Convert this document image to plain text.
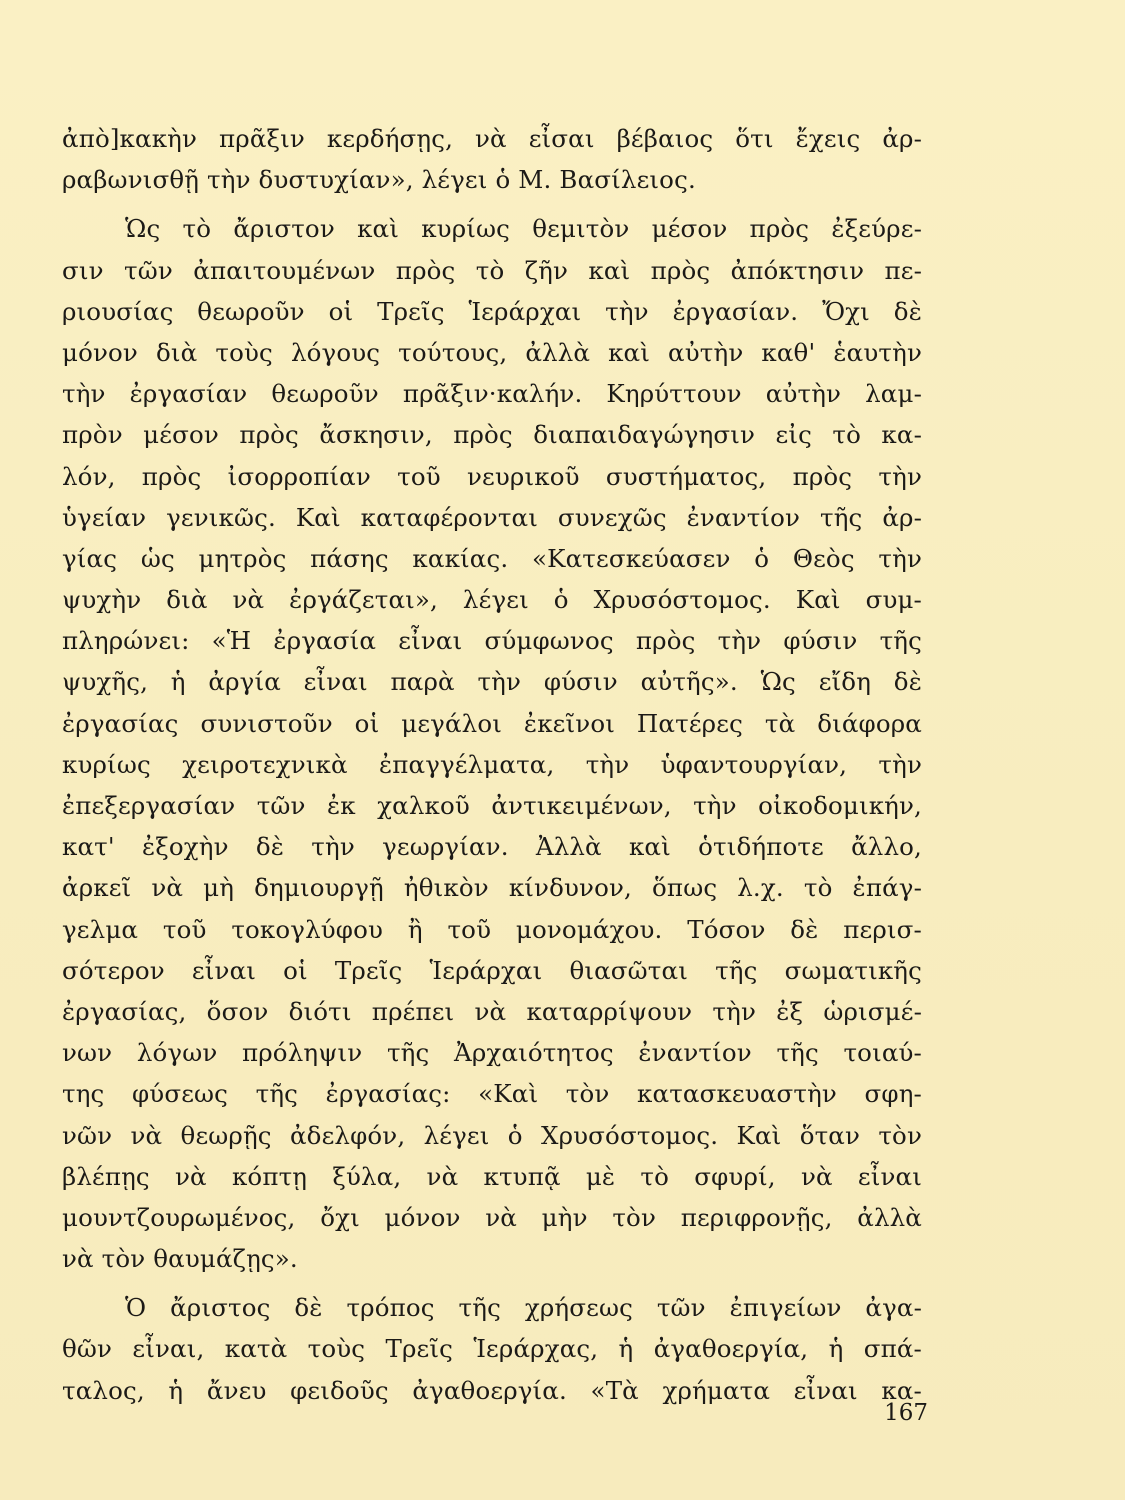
ἀπὸ]κακὴν πρᾶξιν κερδήσῃς, νὰ εἶσαι βέβαιος ὅτι ἔχεις ἀρ-
ραβωνισθῇ τὴν δυστυχίαν», λέγει ὁ Μ. Βασίλειος.
Ὡς τὸ ἄριστον καὶ κυρίως θεμιτὸν μέσον πρὸς ἐξεύρε-
σιν τῶν ἀπαιτουμένων πρὸς τὸ ζῆν καὶ πρὸς ἀπόκτησιν πε-
ριουσίας θεωροῦν οἱ Τρεῖς Ἱεράρχαι τὴν ἐργασίαν. Ὄχι δὲ
μόνον διὰ τοὺς λόγους τούτους, ἀλλὰ καὶ αὐτὴν καθ' ἑαυτὴν
τὴν ἐργασίαν θεωροῦν πρᾶξιν·καλήν. Κηρύττουν αὐτὴν λαμ-
πρὸν μέσον πρὸς ἄσκησιν, πρὸς διαπαιδαγώγησιν εἰς τὸ κα-
λόν, πρὸς ἰσορροπίαν τοῦ νευρικοῦ συστήματος, πρὸς τὴν
ὑγείαν γενικῶς. Καὶ καταφέρονται συνεχῶς ἐναντίον τῆς ἀρ-
γίας ὡς μητρὸς πάσης κακίας. «Κατεσκεύασεν ὁ Θεὸς τὴν
ψυχὴν διὰ νὰ ἐργάζεται», λέγει ὁ Χρυσόστομος. Καὶ συμ-
πληρώνει: «Ἡ ἐργασία εἶναι σύμφωνος πρὸς τὴν φύσιν τῆς
ψυχῆς, ἡ ἀργία εἶναι παρὰ τὴν φύσιν αὐτῆς». Ὡς εἴδη δὲ
ἐργασίας συνιστοῦν οἱ μεγάλοι ἐκεῖνοι Πατέρες τὰ διάφορα
κυρίως χειροτεχνικὰ ἐπαγγέλματα, τὴν ὑφαντουργίαν, τὴν
ἐπεξεργασίαν τῶν ἐκ χαλκοῦ ἀντικειμένων, τὴν οἰκοδομικήν,
κατ' ἐξοχὴν δὲ τὴν γεωργίαν. Ἀλλὰ καὶ ὁτιδήποτε ἄλλο,
ἀρκεῖ νὰ μὴ δημιουργῇ ἠθικὸν κίνδυνον, ὅπως λ.χ. τὸ ἐπάγ-
γελμα τοῦ τοκογλύφου ἢ τοῦ μονομάχου. Τόσον δὲ περισ-
σότερον εἶναι οἱ Τρεῖς Ἱεράρχαι θιασῶται τῆς σωματικῆς
ἐργασίας, ὅσον διότι πρέπει νὰ καταρρίψουν τὴν ἐξ ὡρισμέ-
νων λόγων πρόληψιν τῆς Ἀρχαιότητος ἐναντίον τῆς τοιαύ-
της φύσεως τῆς ἐργασίας: «Καὶ τὸν κατασκευαστὴν σφη-
νῶν νὰ θεωρῇς ἀδελφόν, λέγει ὁ Χρυσόστομος. Καὶ ὅταν τὸν
βλέπῃς νὰ κόπτῃ ξύλα, νὰ κτυπᾷ μὲ τὸ σφυρί, νὰ εἶναι
μουντζουρωμένος, ὄχι μόνον νὰ μὴν τὸν περιφρονῇς, ἀλλὰ
νὰ τὸν θαυμάζῃς».
Ὁ ἄριστος δὲ τρόπος τῆς χρήσεως τῶν ἐπιγείων ἀγα-
θῶν εἶναι, κατὰ τοὺς Τρεῖς Ἱεράρχας, ἡ ἀγαθοεργία, ἡ σπά-
ταλος, ἡ ἄνευ φειδοῦς ἀγαθοεργία. «Τὰ χρήματα εἶναι κα-
167
